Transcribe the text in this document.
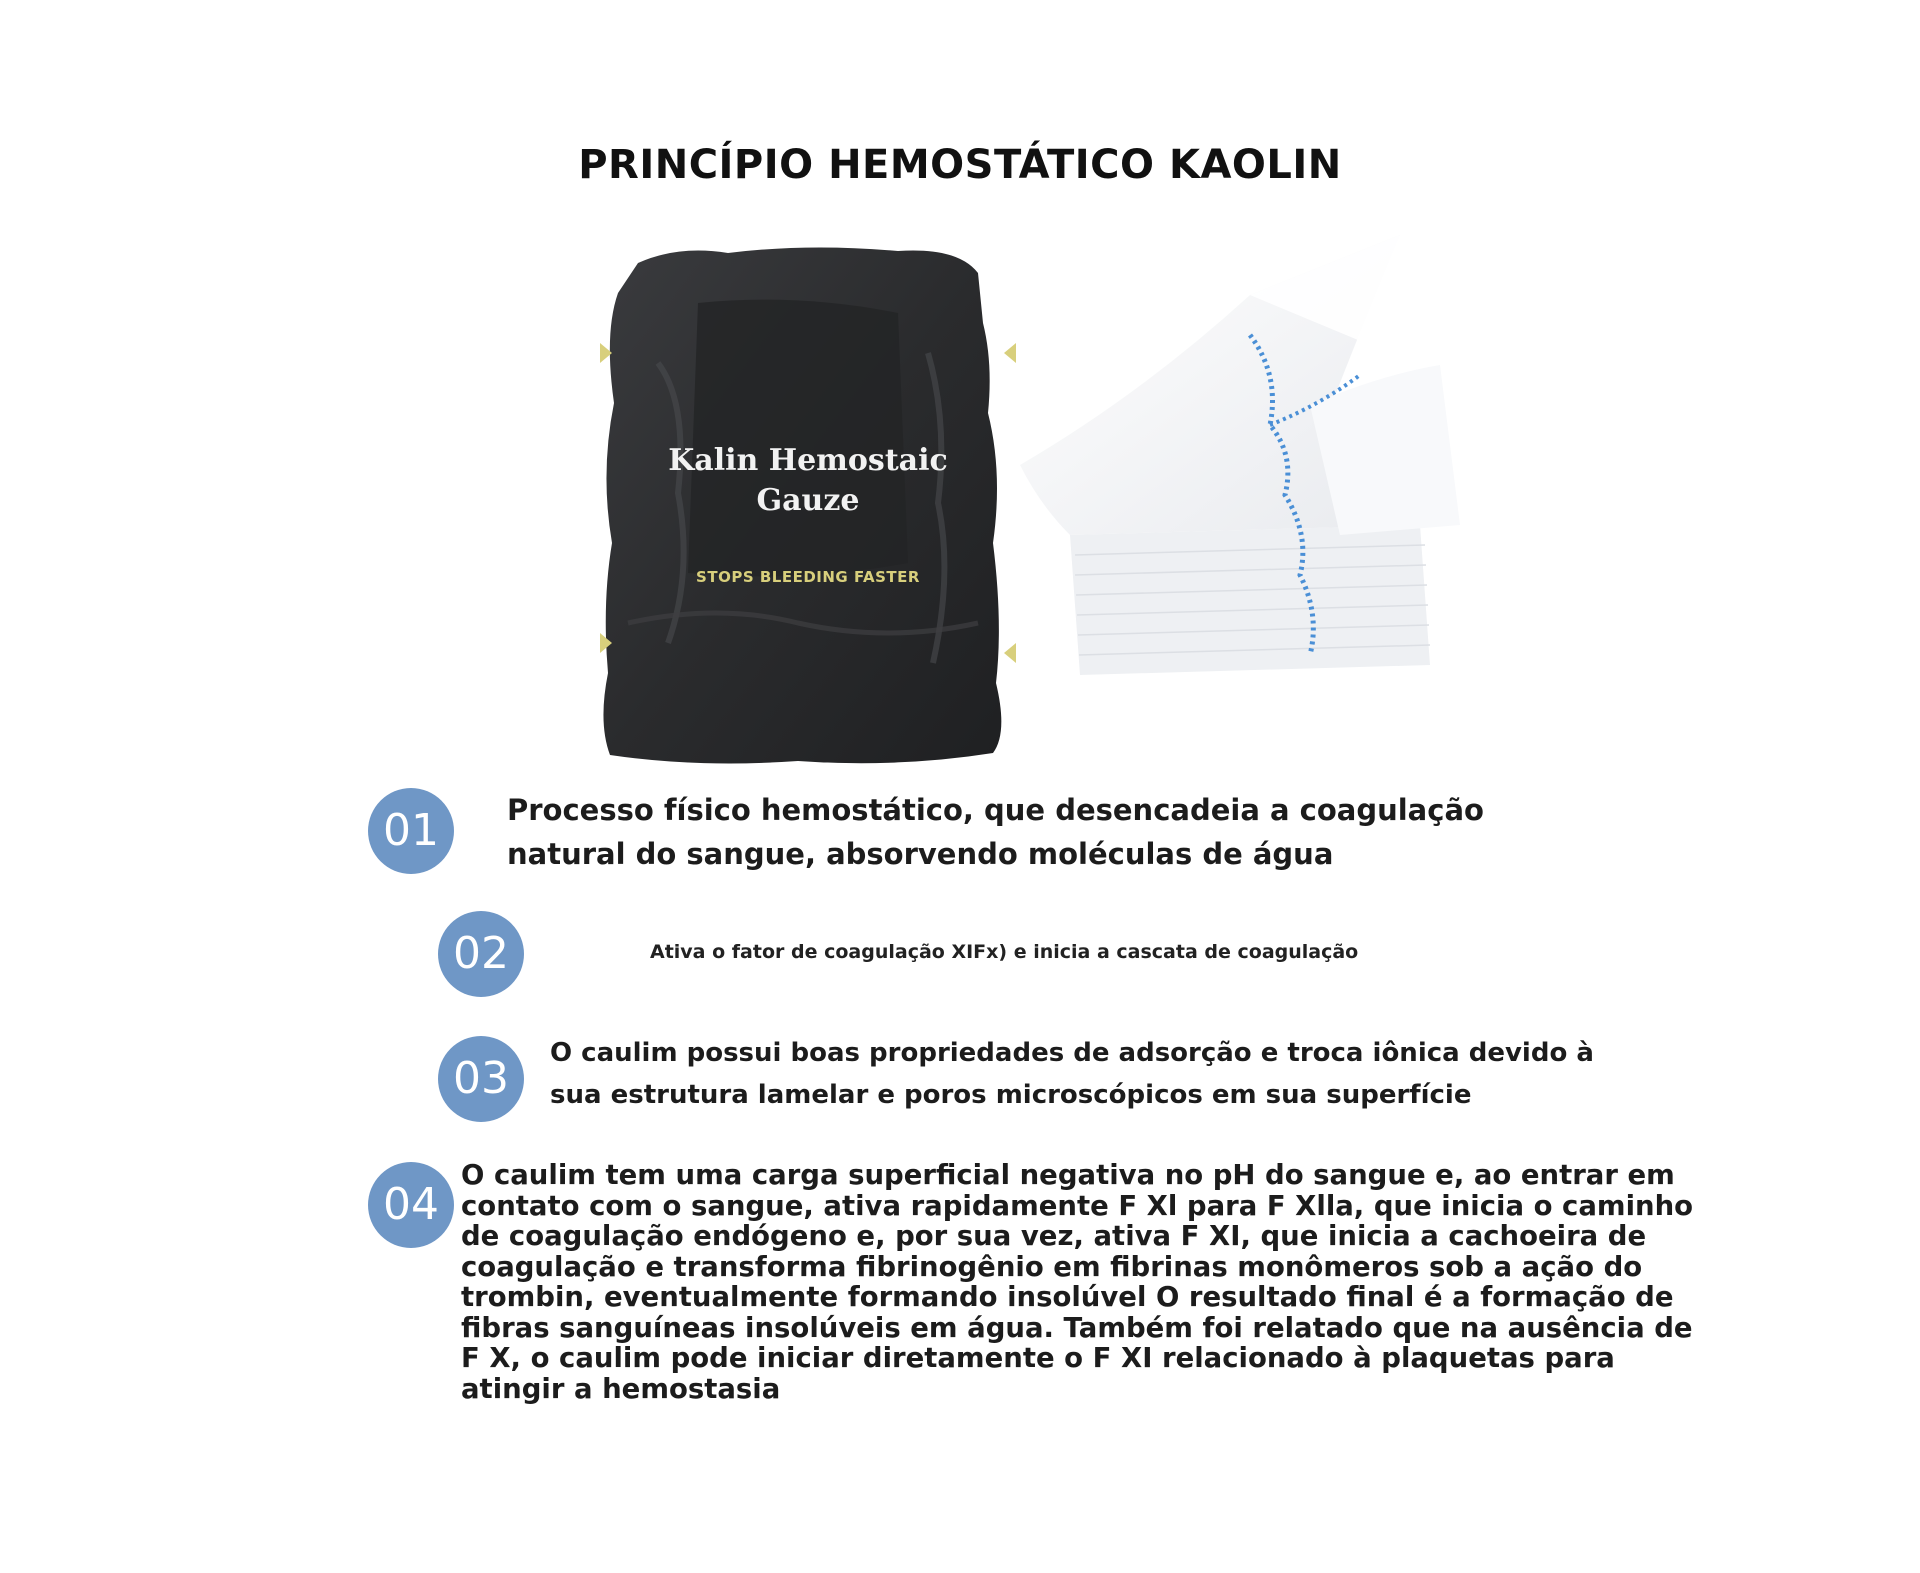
PRINCÍPIO HEMOSTÁTICO KAOLIN
Kalin Hemostaic
Gauze
STOPS BLEEDING FASTER
01	Processo físico hemostático, que desencadeia a coagulação natural do sangue, absorvendo moléculas de água
02	Ativa o fator de coagulação XIFx) e inicia a cascata de coagulação
03	O caulim possui boas propriedades de adsorção e troca iônica devido à sua estrutura lamelar e poros microscópicos em sua superfície
04
O caulim tem uma carga superficial negativa no pH do sangue e, ao entrar em contato com o sangue, ativa rapidamente F Xl para F Xlla, que inicia o caminho de coagulação endógeno e, por sua vez, ativa F XI, que inicia a cachoeira de coagulação e transforma fibrinogênio em fibrinas monômeros sob a ação do trombin, eventualmente formando insolúvel O resultado final é a formação de fibras sanguíneas insolúveis em água. Também foi relatado que na ausência de F X, o caulim pode iniciar diretamente o F XI relacionado à plaquetas para atingir a hemostasia
